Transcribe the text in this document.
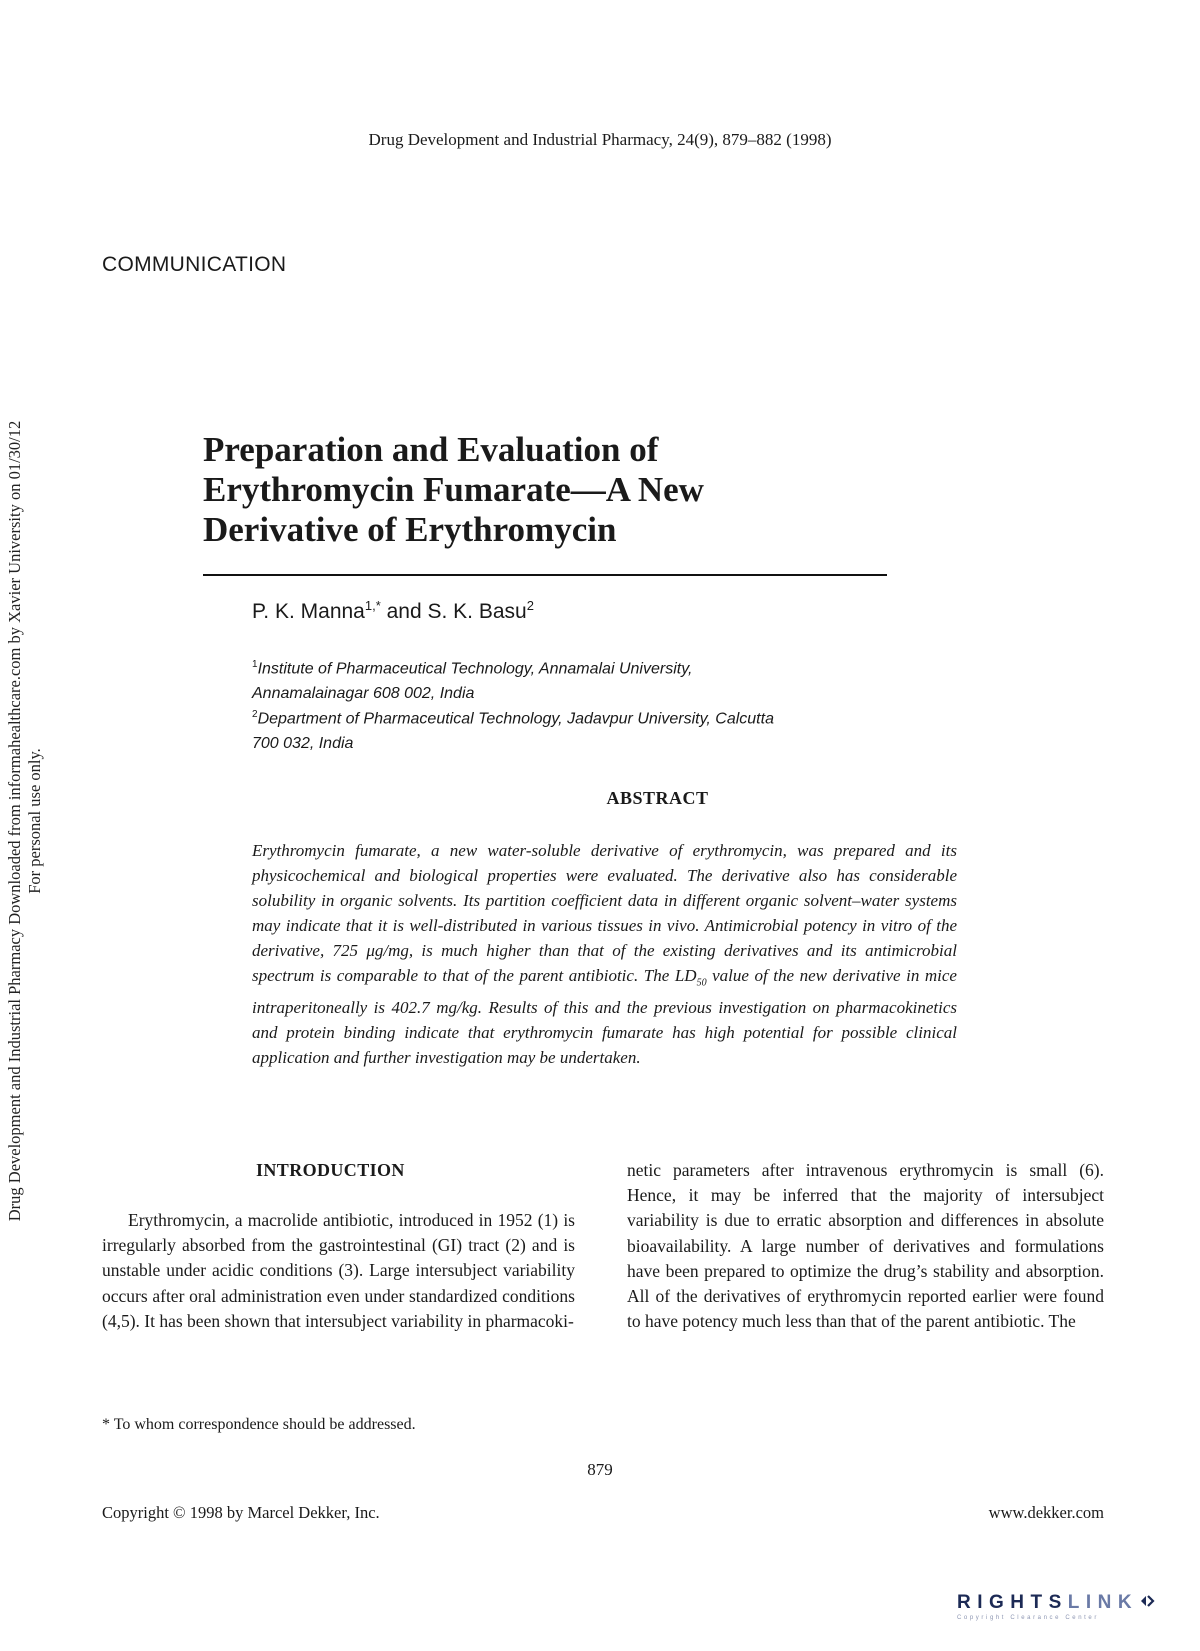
Drug Development and Industrial Pharmacy, 24(9), 879–882 (1998)
COMMUNICATION
Drug Development and Industrial Pharmacy Downloaded from informahealthcare.com by Xavier University on 01/30/12 For personal use only.
Preparation and Evaluation of
Erythromycin Fumarate—A New
Derivative of Erythromycin
P. K. Manna$^{1,*}$ and S. K. Basu$^2$
$^1$Institute of Pharmaceutical Technology, Annamalai University,
Annamalainagar 608 002, India
$^2$Department of Pharmaceutical Technology, Jadavpur University, Calcutta
700 032, India
ABSTRACT
Erythromycin fumarate, a new water-soluble derivative of erythromycin, was prepared and its physicochemical and biological properties were evaluated. The derivative also has considerable solubility in organic solvents. Its partition coefficient data in different organic solvent–water systems may indicate that it is well-distributed in various tissues in vivo. Antimicrobial potency in vitro of the derivative, 725 μg/mg, is much higher than that of the existing derivatives and its antimicrobial spectrum is comparable to that of the parent antibiotic. The $LD_{50}$ value of the new derivative in mice intraperitoneally is 402.7 mg/kg. Results of this and the previous investigation on pharmacokinetics and protein binding indicate that erythromycin fumarate has high potential for possible clinical application and further investigation may be undertaken.
INTRODUCTION
Erythromycin, a macrolide antibiotic, introduced in 1952 (1) is irregularly absorbed from the gastrointestinal (GI) tract (2) and is unstable under acidic conditions (3). Large intersubject variability occurs after oral administration even under standardized conditions (4,5). It has been shown that intersubject variability in pharmacoki-
netic parameters after intravenous erythromycin is small (6). Hence, it may be inferred that the majority of intersubject variability is due to erratic absorption and differences in absolute bioavailability. A large number of derivatives and formulations have been prepared to optimize the drug’s stability and absorption. All of the derivatives of erythromycin reported earlier were found to have potency much less than that of the parent antibiotic. The
* To whom correspondence should be addressed.
879
Copyright © 1998 by Marcel Dekker, Inc.	www.dekker.com
RIGHTSLINK
Copyright Clearance Center
